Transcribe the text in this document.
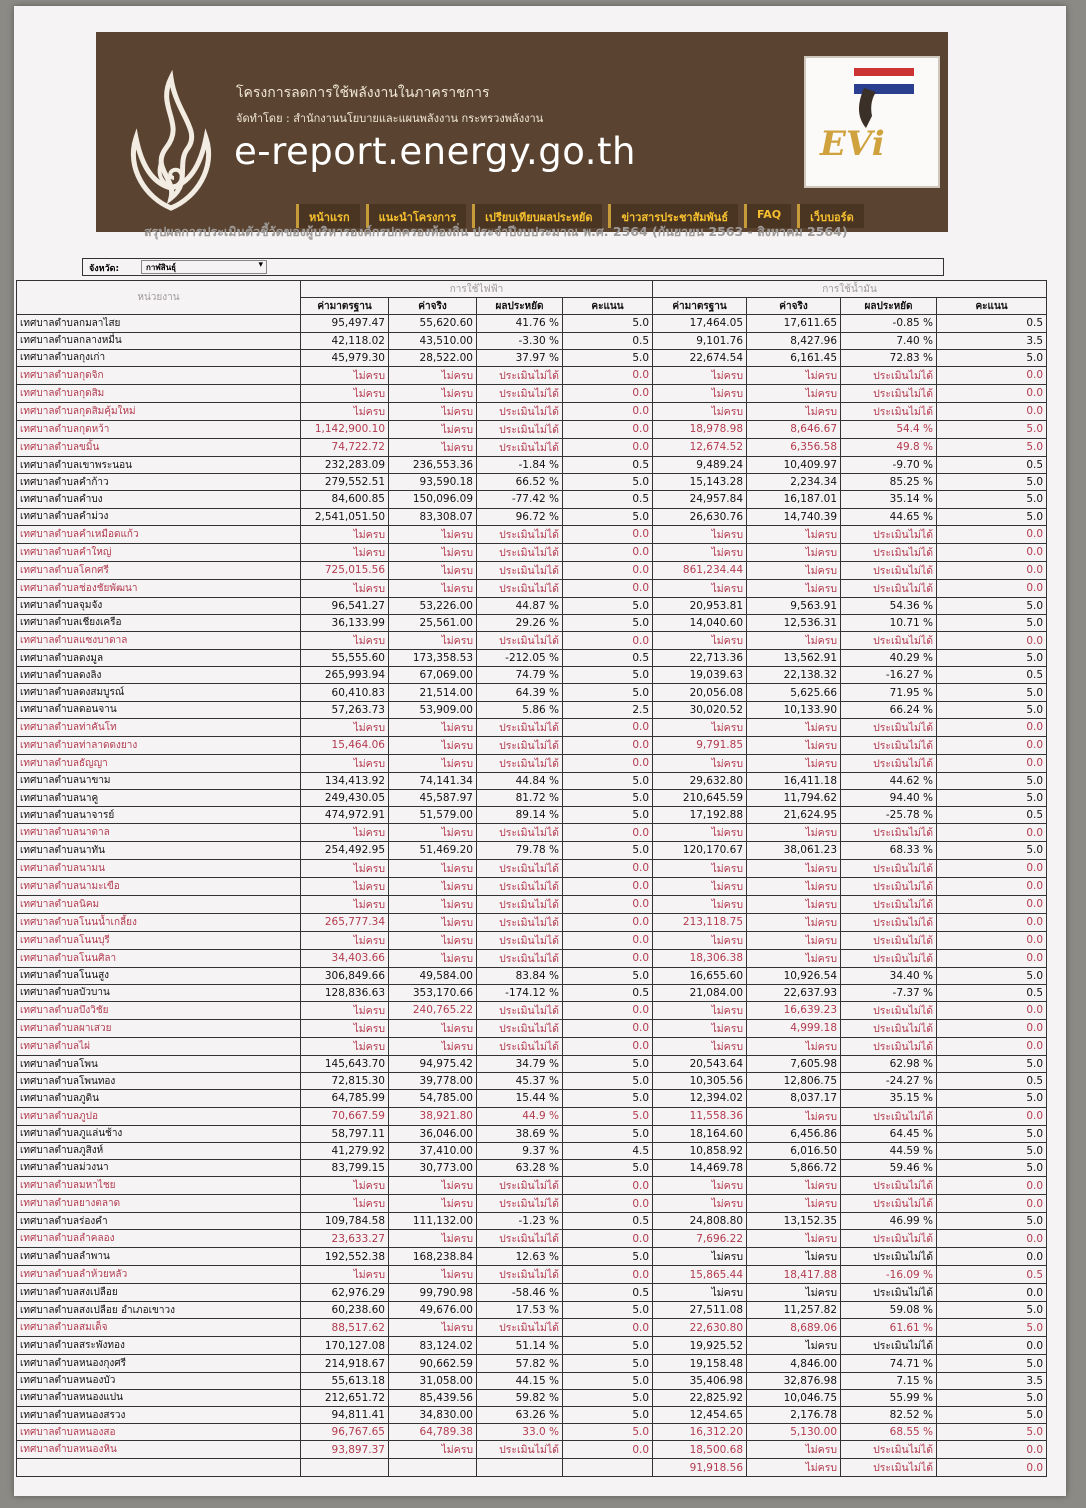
โครงการลดการใช้พลังงานในภาคราชการ
จัดทำโดย : สำนักงานนโยบายและแผนพลังงาน กระทรวงพลังงาน
e-report.energy.go.th	EVi
หน้าแรก	แนะนำโครงการ	เปรียบเทียบผลประหยัด	ข่าวสารประชาสัมพันธ์	FAQ	เว็บบอร์ด
สรุปผลการประเมินตัวชี้วัดของผู้บริหารองค์กรปกครองท้องถิ่น ประจำปีงบประมาณ พ.ศ. 2564 (กันยายน 2563 - สิงหาคม 2564)
จังหวัด:	กาฬสินธุ์ ▾
หน่วยงาน	การใช้ไฟฟ้า				การใช้น้ำมัน			
	ค่ามาตรฐาน	ค่าจริง	ผลประหยัด	คะแนน	ค่ามาตรฐาน	ค่าจริง	ผลประหยัด	คะแนน
เทศบาลตำบลกมลาไสย	95,497.47	55,620.60	41.76 %	5.0	17,464.05	17,611.65	-0.85 %	0.5
เทศบาลตำบลกลางหมื่น	42,118.02	43,510.00	-3.30 %	0.5	9,101.76	8,427.96	7.40 %	3.5
เทศบาลตำบลกุงเก่า	45,979.30	28,522.00	37.97 %	5.0	22,674.54	6,161.45	72.83 %	5.0
เทศบาลตำบลกุดจิก	ไม่ครบ	ไม่ครบ	ประเมินไม่ได้	0.0	ไม่ครบ	ไม่ครบ	ประเมินไม่ได้	0.0
เทศบาลตำบลกุดสิม	ไม่ครบ	ไม่ครบ	ประเมินไม่ได้	0.0	ไม่ครบ	ไม่ครบ	ประเมินไม่ได้	0.0
เทศบาลตำบลกุดสิมคุ้มใหม่	ไม่ครบ	ไม่ครบ	ประเมินไม่ได้	0.0	ไม่ครบ	ไม่ครบ	ประเมินไม่ได้	0.0
เทศบาลตำบลกุดหว้า	1,142,900.10	ไม่ครบ	ประเมินไม่ได้	0.0	18,978.98	8,646.67	54.4 %	5.0
เทศบาลตำบลขมิ้น	74,722.72	ไม่ครบ	ประเมินไม่ได้	0.0	12,674.52	6,356.58	49.8 %	5.0
เทศบาลตำบลเขาพระนอน	232,283.09	236,553.36	-1.84 %	0.5	9,489.24	10,409.97	-9.70 %	0.5
เทศบาลตำบลคำก้าว	279,552.51	93,590.18	66.52 %	5.0	15,143.28	2,234.34	85.25 %	5.0
เทศบาลตำบลคำบง	84,600.85	150,096.09	-77.42 %	0.5	24,957.84	16,187.01	35.14 %	5.0
เทศบาลตำบลคำม่วง	2,541,051.50	83,308.07	96.72 %	5.0	26,630.76	14,740.39	44.65 %	5.0
เทศบาลตำบลคำเหมือดแก้ว	ไม่ครบ	ไม่ครบ	ประเมินไม่ได้	0.0	ไม่ครบ	ไม่ครบ	ประเมินไม่ได้	0.0
เทศบาลตำบลคำใหญ่	ไม่ครบ	ไม่ครบ	ประเมินไม่ได้	0.0	ไม่ครบ	ไม่ครบ	ประเมินไม่ได้	0.0
เทศบาลตำบลโคกศรี	725,015.56	ไม่ครบ	ประเมินไม่ได้	0.0	861,234.44	ไม่ครบ	ประเมินไม่ได้	0.0
เทศบาลตำบลช่องชัยพัฒนา	ไม่ครบ	ไม่ครบ	ประเมินไม่ได้	0.0	ไม่ครบ	ไม่ครบ	ประเมินไม่ได้	0.0
เทศบาลตำบลจุมจัง	96,541.27	53,226.00	44.87 %	5.0	20,953.81	9,563.91	54.36 %	5.0
เทศบาลตำบลเชียงเครือ	36,133.99	25,561.00	29.26 %	5.0	14,040.60	12,536.31	10.71 %	5.0
เทศบาลตำบลแซงบาดาล	ไม่ครบ	ไม่ครบ	ประเมินไม่ได้	0.0	ไม่ครบ	ไม่ครบ	ประเมินไม่ได้	0.0
เทศบาลตำบลดงมูล	55,555.60	173,358.53	-212.05 %	0.5	22,713.36	13,562.91	40.29 %	5.0
เทศบาลตำบลดงลิง	265,993.94	67,069.00	74.79 %	5.0	19,039.63	22,138.32	-16.27 %	0.5
เทศบาลตำบลดงสมบูรณ์	60,410.83	21,514.00	64.39 %	5.0	20,056.08	5,625.66	71.95 %	5.0
เทศบาลตำบลดอนจาน	57,263.73	53,909.00	5.86 %	2.5	30,020.52	10,133.90	66.24 %	5.0
เทศบาลตำบลท่าคันโท	ไม่ครบ	ไม่ครบ	ประเมินไม่ได้	0.0	ไม่ครบ	ไม่ครบ	ประเมินไม่ได้	0.0
เทศบาลตำบลท่าลาดดงยาง	15,464.06	ไม่ครบ	ประเมินไม่ได้	0.0	9,791.85	ไม่ครบ	ประเมินไม่ได้	0.0
เทศบาลตำบลธัญญา	ไม่ครบ	ไม่ครบ	ประเมินไม่ได้	0.0	ไม่ครบ	ไม่ครบ	ประเมินไม่ได้	0.0
เทศบาลตำบลนาขาม	134,413.92	74,141.34	44.84 %	5.0	29,632.80	16,411.18	44.62 %	5.0
เทศบาลตำบลนาคู	249,430.05	45,587.97	81.72 %	5.0	210,645.59	11,794.62	94.40 %	5.0
เทศบาลตำบลนาจารย์	474,972.91	51,579.00	89.14 %	5.0	17,192.88	21,624.95	-25.78 %	0.5
เทศบาลตำบลนาดาล	ไม่ครบ	ไม่ครบ	ประเมินไม่ได้	0.0	ไม่ครบ	ไม่ครบ	ประเมินไม่ได้	0.0
เทศบาลตำบลนาทัน	254,492.95	51,469.20	79.78 %	5.0	120,170.67	38,061.23	68.33 %	5.0
เทศบาลตำบลนามน	ไม่ครบ	ไม่ครบ	ประเมินไม่ได้	0.0	ไม่ครบ	ไม่ครบ	ประเมินไม่ได้	0.0
เทศบาลตำบลนามะเขือ	ไม่ครบ	ไม่ครบ	ประเมินไม่ได้	0.0	ไม่ครบ	ไม่ครบ	ประเมินไม่ได้	0.0
เทศบาลตำบลนิคม	ไม่ครบ	ไม่ครบ	ประเมินไม่ได้	0.0	ไม่ครบ	ไม่ครบ	ประเมินไม่ได้	0.0
เทศบาลตำบลโนนน้ำเกลี้ยง	265,777.34	ไม่ครบ	ประเมินไม่ได้	0.0	213,118.75	ไม่ครบ	ประเมินไม่ได้	0.0
เทศบาลตำบลโนนบุรี	ไม่ครบ	ไม่ครบ	ประเมินไม่ได้	0.0	ไม่ครบ	ไม่ครบ	ประเมินไม่ได้	0.0
เทศบาลตำบลโนนศิลา	34,403.66	ไม่ครบ	ประเมินไม่ได้	0.0	18,306.38	ไม่ครบ	ประเมินไม่ได้	0.0
เทศบาลตำบลโนนสูง	306,849.66	49,584.00	83.84 %	5.0	16,655.60	10,926.54	34.40 %	5.0
เทศบาลตำบลบัวบาน	128,836.63	353,170.66	-174.12 %	0.5	21,084.00	22,637.93	-7.37 %	0.5
เทศบาลตำบลบึงวิชัย	ไม่ครบ	240,765.22	ประเมินไม่ได้	0.0	ไม่ครบ	16,639.23	ประเมินไม่ได้	0.0
เทศบาลตำบลผาเสวย	ไม่ครบ	ไม่ครบ	ประเมินไม่ได้	0.0	ไม่ครบ	4,999.18	ประเมินไม่ได้	0.0
เทศบาลตำบลไผ่	ไม่ครบ	ไม่ครบ	ประเมินไม่ได้	0.0	ไม่ครบ	ไม่ครบ	ประเมินไม่ได้	0.0
เทศบาลตำบลโพน	145,643.70	94,975.42	34.79 %	5.0	20,543.64	7,605.98	62.98 %	5.0
เทศบาลตำบลโพนทอง	72,815.30	39,778.00	45.37 %	5.0	10,305.56	12,806.75	-24.27 %	0.5
เทศบาลตำบลภูดิน	64,785.99	54,785.00	15.44 %	5.0	12,394.02	8,037.17	35.15 %	5.0
เทศบาลตำบลภูปอ	70,667.59	38,921.80	44.9 %	5.0	11,558.36	ไม่ครบ	ประเมินไม่ได้	0.0
เทศบาลตำบลภูแล่นช้าง	58,797.11	36,046.00	38.69 %	5.0	18,164.60	6,456.86	64.45 %	5.0
เทศบาลตำบลภูสิงห์	41,279.92	37,410.00	9.37 %	4.5	10,858.92	6,016.50	44.59 %	5.0
เทศบาลตำบลม่วงนา	83,799.15	30,773.00	63.28 %	5.0	14,469.78	5,866.72	59.46 %	5.0
เทศบาลตำบลมหาไชย	ไม่ครบ	ไม่ครบ	ประเมินไม่ได้	0.0	ไม่ครบ	ไม่ครบ	ประเมินไม่ได้	0.0
เทศบาลตำบลยางตลาด	ไม่ครบ	ไม่ครบ	ประเมินไม่ได้	0.0	ไม่ครบ	ไม่ครบ	ประเมินไม่ได้	0.0
เทศบาลตำบลร่องคำ	109,784.58	111,132.00	-1.23 %	0.5	24,808.80	13,152.35	46.99 %	5.0
เทศบาลตำบลลำคลอง	23,633.27	ไม่ครบ	ประเมินไม่ได้	0.0	7,696.22	ไม่ครบ	ประเมินไม่ได้	0.0
เทศบาลตำบลลำพาน	192,552.38	168,238.84	12.63 %	5.0	ไม่ครบ	ไม่ครบ	ประเมินไม่ได้	0.0
เทศบาลตำบลลำห้วยหลัว	ไม่ครบ	ไม่ครบ	ประเมินไม่ได้	0.0	15,865.44	18,417.88	-16.09 %	0.5
เทศบาลตำบลสงเปลือย	62,976.29	99,790.98	-58.46 %	0.5	ไม่ครบ	ไม่ครบ	ประเมินไม่ได้	0.0
เทศบาลตำบลสงเปลือย อำเภอเขาวง	60,238.60	49,676.00	17.53 %	5.0	27,511.08	11,257.82	59.08 %	5.0
เทศบาลตำบลสมเด็จ	88,517.62	ไม่ครบ	ประเมินไม่ได้	0.0	22,630.80	8,689.06	61.61 %	5.0
เทศบาลตำบลสระพังทอง	170,127.08	83,124.02	51.14 %	5.0	19,925.52	ไม่ครบ	ประเมินไม่ได้	0.0
เทศบาลตำบลหนองกุงศรี	214,918.67	90,662.59	57.82 %	5.0	19,158.48	4,846.00	74.71 %	5.0
เทศบาลตำบลหนองบัว	55,613.18	31,058.00	44.15 %	5.0	35,406.98	32,876.98	7.15 %	3.5
เทศบาลตำบลหนองแปน	212,651.72	85,439.56	59.82 %	5.0	22,825.92	10,046.75	55.99 %	5.0
เทศบาลตำบลหนองสรวง	94,811.41	34,830.00	63.26 %	5.0	12,454.65	2,176.78	82.52 %	5.0
เทศบาลตำบลหนองสอ	96,767.65	64,789.38	33.0 %	5.0	16,312.20	5,130.00	68.55 %	5.0
เทศบาลตำบลหนองหิน	93,897.37	ไม่ครบ	ประเมินไม่ได้	0.0	18,500.68	ไม่ครบ	ประเมินไม่ได้	0.0
					91,918.56	ไม่ครบ	ประเมินไม่ได้	0.0
